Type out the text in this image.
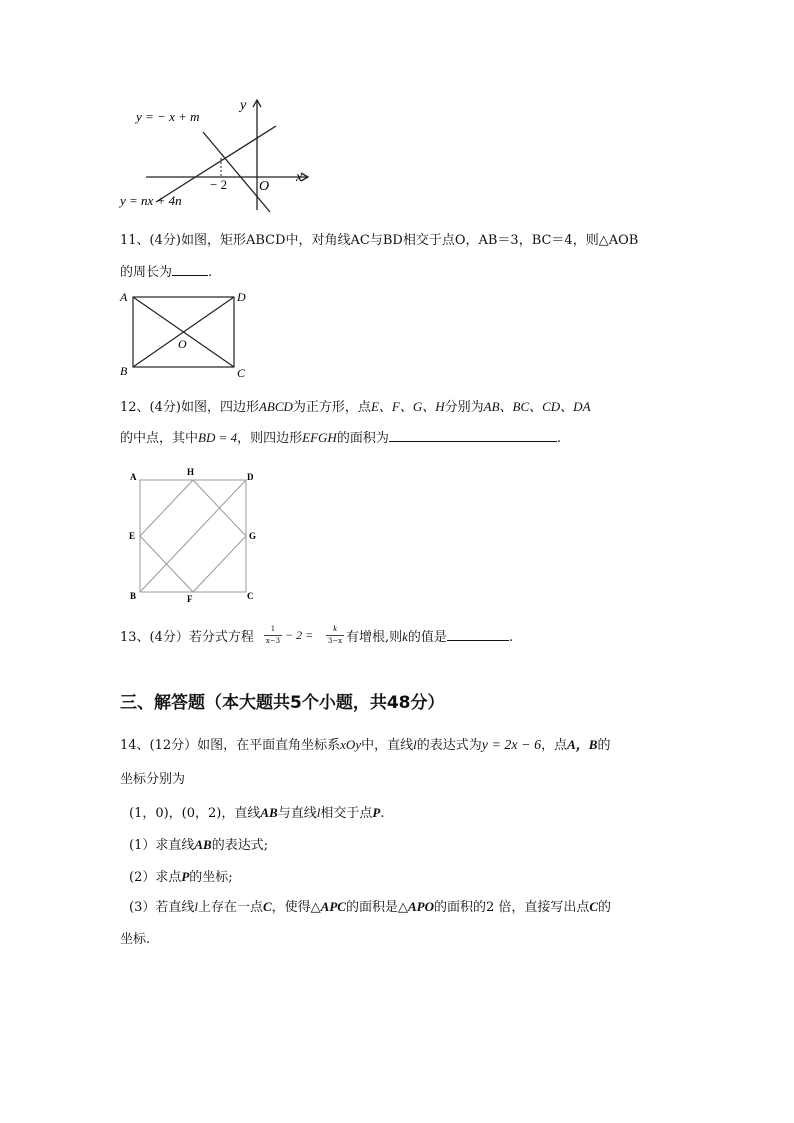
y = − x + m
y = nx + 4n
y
x
O
− 2
11、(4分)如图，矩形ABCD中，对角线AC与BD相交于点O，AB＝3，BC＝4，则△AOB
的周长为	.
A	D
B	C
O
12、(4分)如图，四边形ABCD为正方形，点E、F、G、H分别为AB、BC、CD、DA
的中点，其中BD = 4，则四边形EFGH的面积为	.
A	H	D
E	G
B	F	C
13、(4分）若分式方程
1
x−3 − 2 =	k
3−x 有增根,则k的值是	.
三、解答题（本大题共5个小题，共48分）
14、(12分）如图，在平面直角坐标系xOy中，直线l的表达式为y = 2x − 6，点A，B的
坐标分别为
(1，0)，(0，2)，直线AB与直线l相交于点P.
(1）求直线AB的表达式;
(2）求点P的坐标;
(3）若直线l上存在一点C，使得△APC的面积是△APO的面积的2 倍，直接写出点C的
坐标.
